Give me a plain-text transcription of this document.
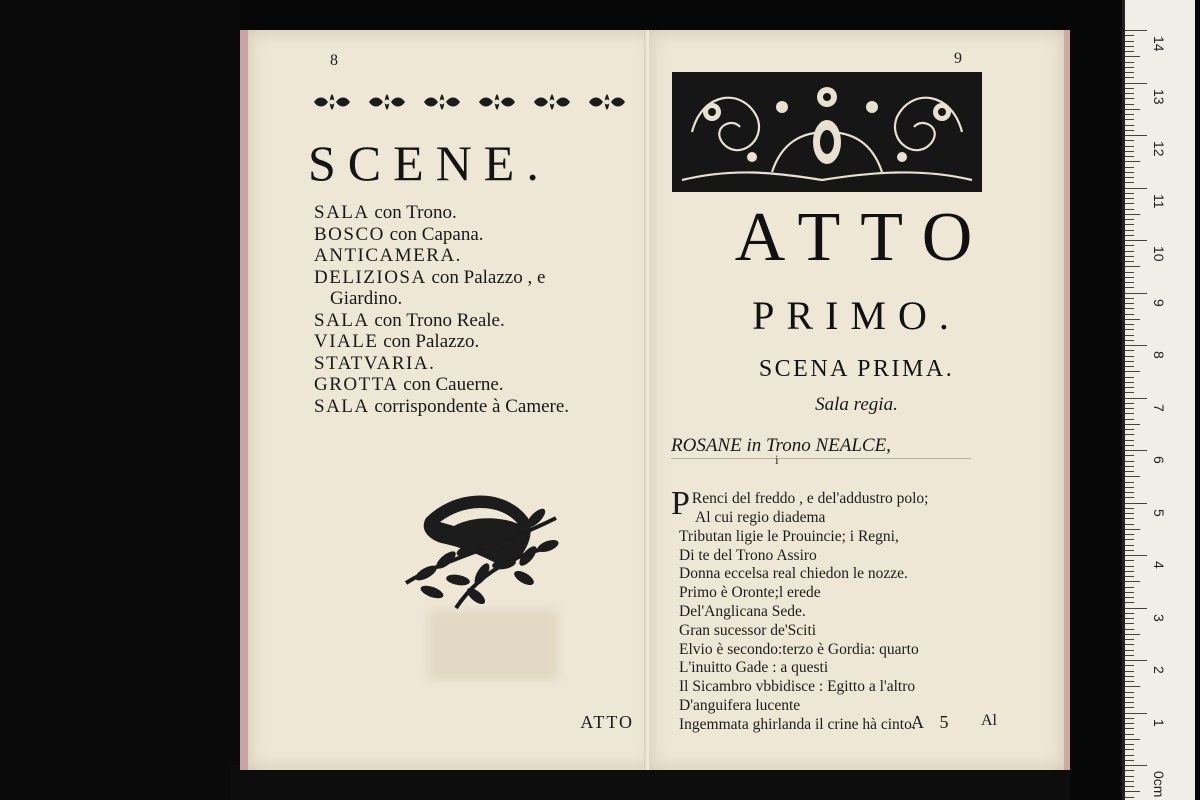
8
SCENE.
SALA con Trono.
BOSCO con Capana.
ANTICAMERA.
DELIZIOSA con Palazzo , e
Giardino.
SALA con Trono Reale.
VIALE con Palazzo.
STATVARIA.
GROTTA con Cauerne.
SALA corrispondente à Camere.
ATTO
9
ATTO
PRIMO.
SCENA PRIMA.
Sala regia.
ROSANE in Trono NEALCE,
i
P Renci del freddo , e del'addustro polo;
Al cui regio diadema
Tributan ligie le Prouincie; i Regni,
Di te del Trono Assiro
Donna eccelsa real chiedon le nozze.
Primo è Oronte;l erede
Del'Anglicana Sede.
Gran sucessor de'Sciti
Elvio è secondo:terzo è Gordia: quarto
L'inuitto Gade : a questi
Il Sicambro vbbidisce : Egitto a l'altro
D'anguifera lucente
Ingemmata ghirlanda il crine hà cinto.
A 5 Al
14
13
12
11
10
9
8
7
6
5
4
3
2
1
0cm
